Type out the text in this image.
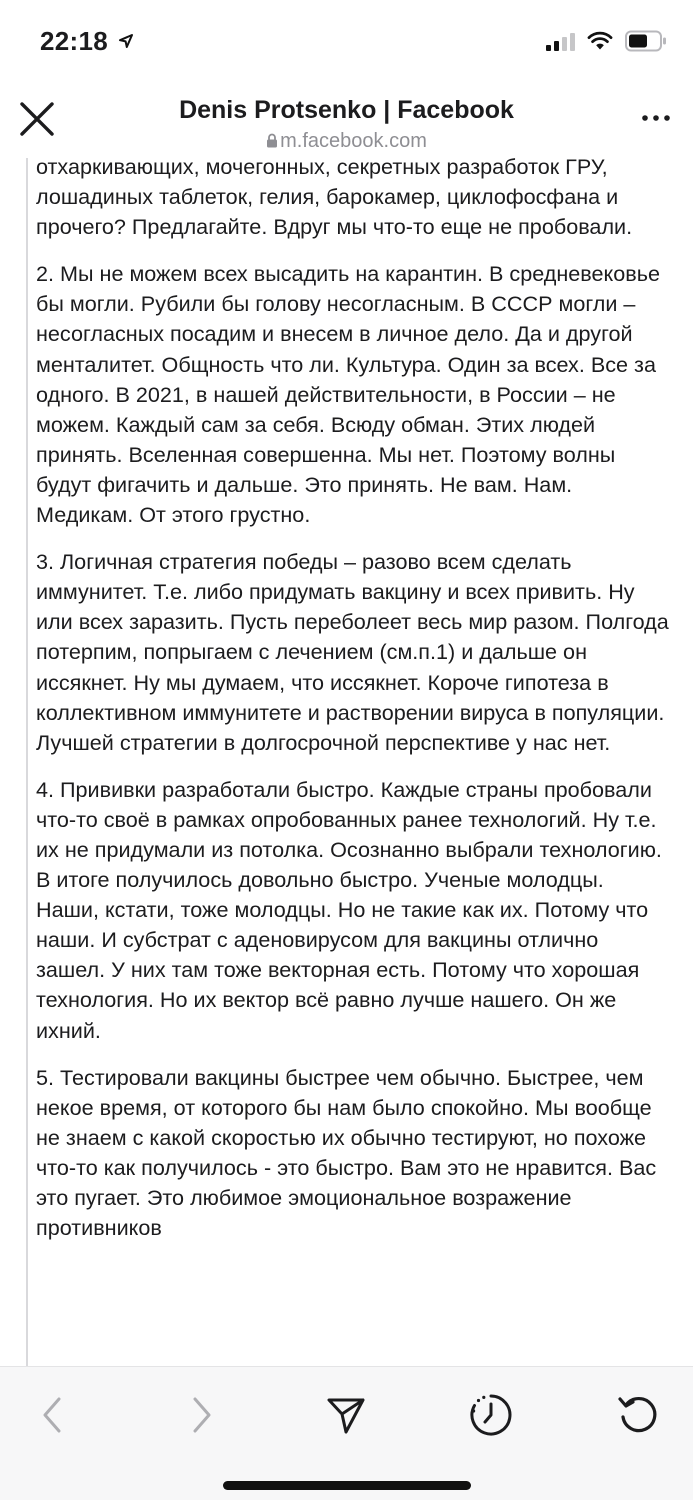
22:18
Denis Protsenko | Facebook
m.facebook.com

отхаркивающих, мочегонных, секретных разработок ГРУ, лошадиных таблеток, гелия, барокамер, циклофосфана и прочего? Предлагайте. Вдруг мы что-то еще не пробовали.

2. Мы не можем всех высадить на карантин. В средневековье бы могли. Рубили бы голову несогласным. В СССР могли – несогласных посадим и внесем в личное дело. Да и другой менталитет. Общность что ли. Культура. Один за всех. Все за одного. В 2021, в нашей действительности, в России – не можем. Каждый сам за себя. Всюду обман. Этих людей принять. Вселенная совершенна. Мы нет. Поэтому волны будут фигачить и дальше. Это принять. Не вам. Нам. Медикам. От этого грустно.

3. Логичная стратегия победы – разово всем сделать иммунитет. Т.е. либо придумать вакцину и всех привить. Ну или всех заразить. Пусть переболеет весь мир разом. Полгода потерпим, попрыгаем с лечением (см.п.1) и дальше он иссякнет. Ну мы думаем, что иссякнет. Короче гипотеза в коллективном иммунитете и растворении вируса в популяции. Лучшей стратегии в долгосрочной перспективе у нас нет.

4. Прививки разработали быстро. Каждые страны пробовали что-то своё в рамках опробованных ранее технологий. Ну т.е. их не придумали из потолка. Осознанно выбрали технологию. В итоге получилось довольно быстро. Ученые молодцы. Наши, кстати, тоже молодцы. Но не такие как их. Потому что наши. И субстрат с аденовирусом для вакцины отлично зашел. У них там тоже векторная есть. Потому что хорошая технология. Но их вектор всё равно лучше нашего. Он же ихний.

5. Тестировали вакцины быстрее чем обычно. Быстрее, чем некое время, от которого бы нам было спокойно. Мы вообще не знаем с какой скоростью их обычно тестируют, но похоже что-то как получилось - это быстро. Вам это не нравится. Вас это пугает. Это любимое эмоциональное возражение противников
